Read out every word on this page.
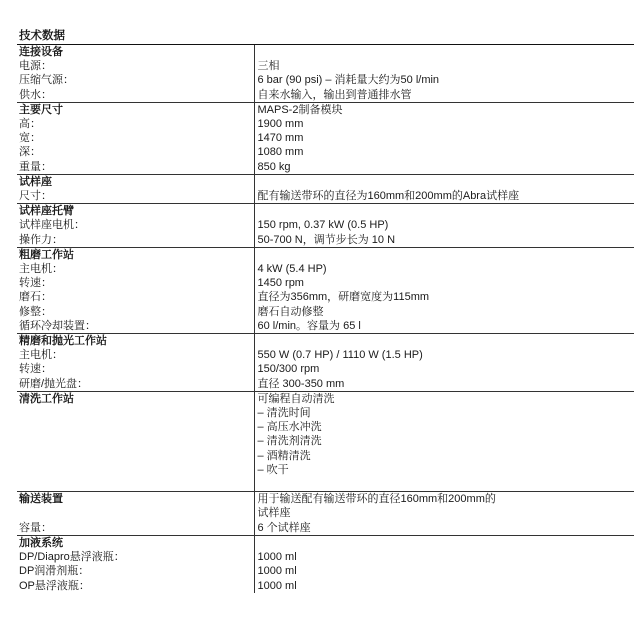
技术数据
连接设备	
电源：	三相
压缩气源：	6 bar (90 psi) – 消耗量大约为50 l/min
供水：	自来水输入，输出到普通排水管
主要尺寸	MAPS-2制备模块
高：	1900 mm
宽：	1470 mm
深：	1080 mm
重量：	850 kg
试样座	
尺寸：	配有输送带环的直径为160mm和200mm的Abra试样座
试样座托臂	
试样座电机：	150 rpm, 0.37 kW (0.5 HP)
操作力：	50-700 N，调节步长为 10 N
粗磨工作站	
主电机：	4 kW (5.4 HP)
转速：	1450 rpm
磨石：	直径为356mm，研磨宽度为115mm
修整：	磨石自动修整
循环冷却装置：	60 l/min。容量为 65 l
精磨和抛光工作站	
主电机：	550 W (0.7 HP) / 1110 W (1.5 HP)
转速：	150/300 rpm
研磨/抛光盘：	直径 300-350 mm
清洗工作站	可编程自动清洗
	– 清洗时间
	– 高压水冲洗
	– 清洗剂清洗
	– 酒精清洗
	– 吹干

输送装置	用于输送配有输送带环的直径160mm和200mm的
	试样座
容量：	6 个试样座
加液系统	
DP/Diapro悬浮液瓶：	1000 ml
DP润滑剂瓶：	1000 ml
OP悬浮液瓶：	1000 ml
